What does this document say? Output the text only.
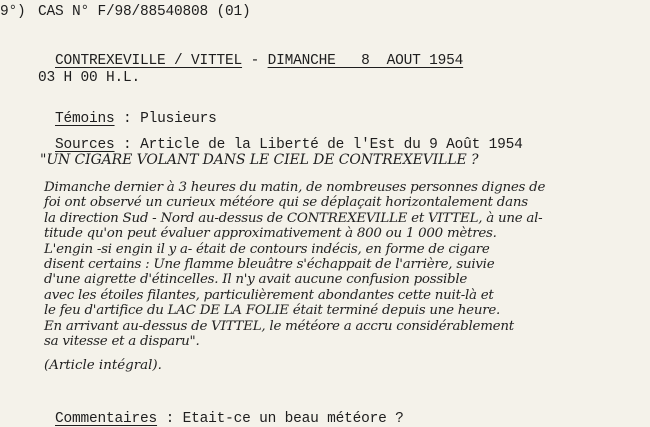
9°) CAS N° F/98/88540808 (01)

CONTREXEVILLE / VITTEL - DIMANCHE   8  AOUT 1954

03 H 00 H.L.

Témoins : Plusieurs

Sources : Article de la Liberté de l'Est du 9 Août 1954

"UN CIGARE VOLANT DANS LE CIEL DE CONTREXEVILLE ?
Dimanche dernier à 3 heures du matin, de nombreuses personnes dignes de
foi ont observé un curieux météore qui se déplaçait horizontalement dans
la direction Sud - Nord au-dessus de CONTREXEVILLE et VITTEL, à une al-
titude qu'on peut évaluer approximativement à 800 ou 1 000 mètres.
L'engin -si engin il y a- était de contours indécis, en forme de cigare
disent certains : Une flamme bleuâtre s'échappait de l'arrière, suivie
d'une aigrette d'étincelles. Il n'y avait aucune confusion possible
avec les étoiles filantes, particulièrement abondantes cette nuit-là et
le feu d'artifice du LAC DE LA FOLIE était terminé depuis une heure.
En arrivant au-dessus de VITTEL, le météore a accru considérablement
sa vitesse et a disparu".
(Article intégral).

Commentaires : Etait-ce un beau météore ?
